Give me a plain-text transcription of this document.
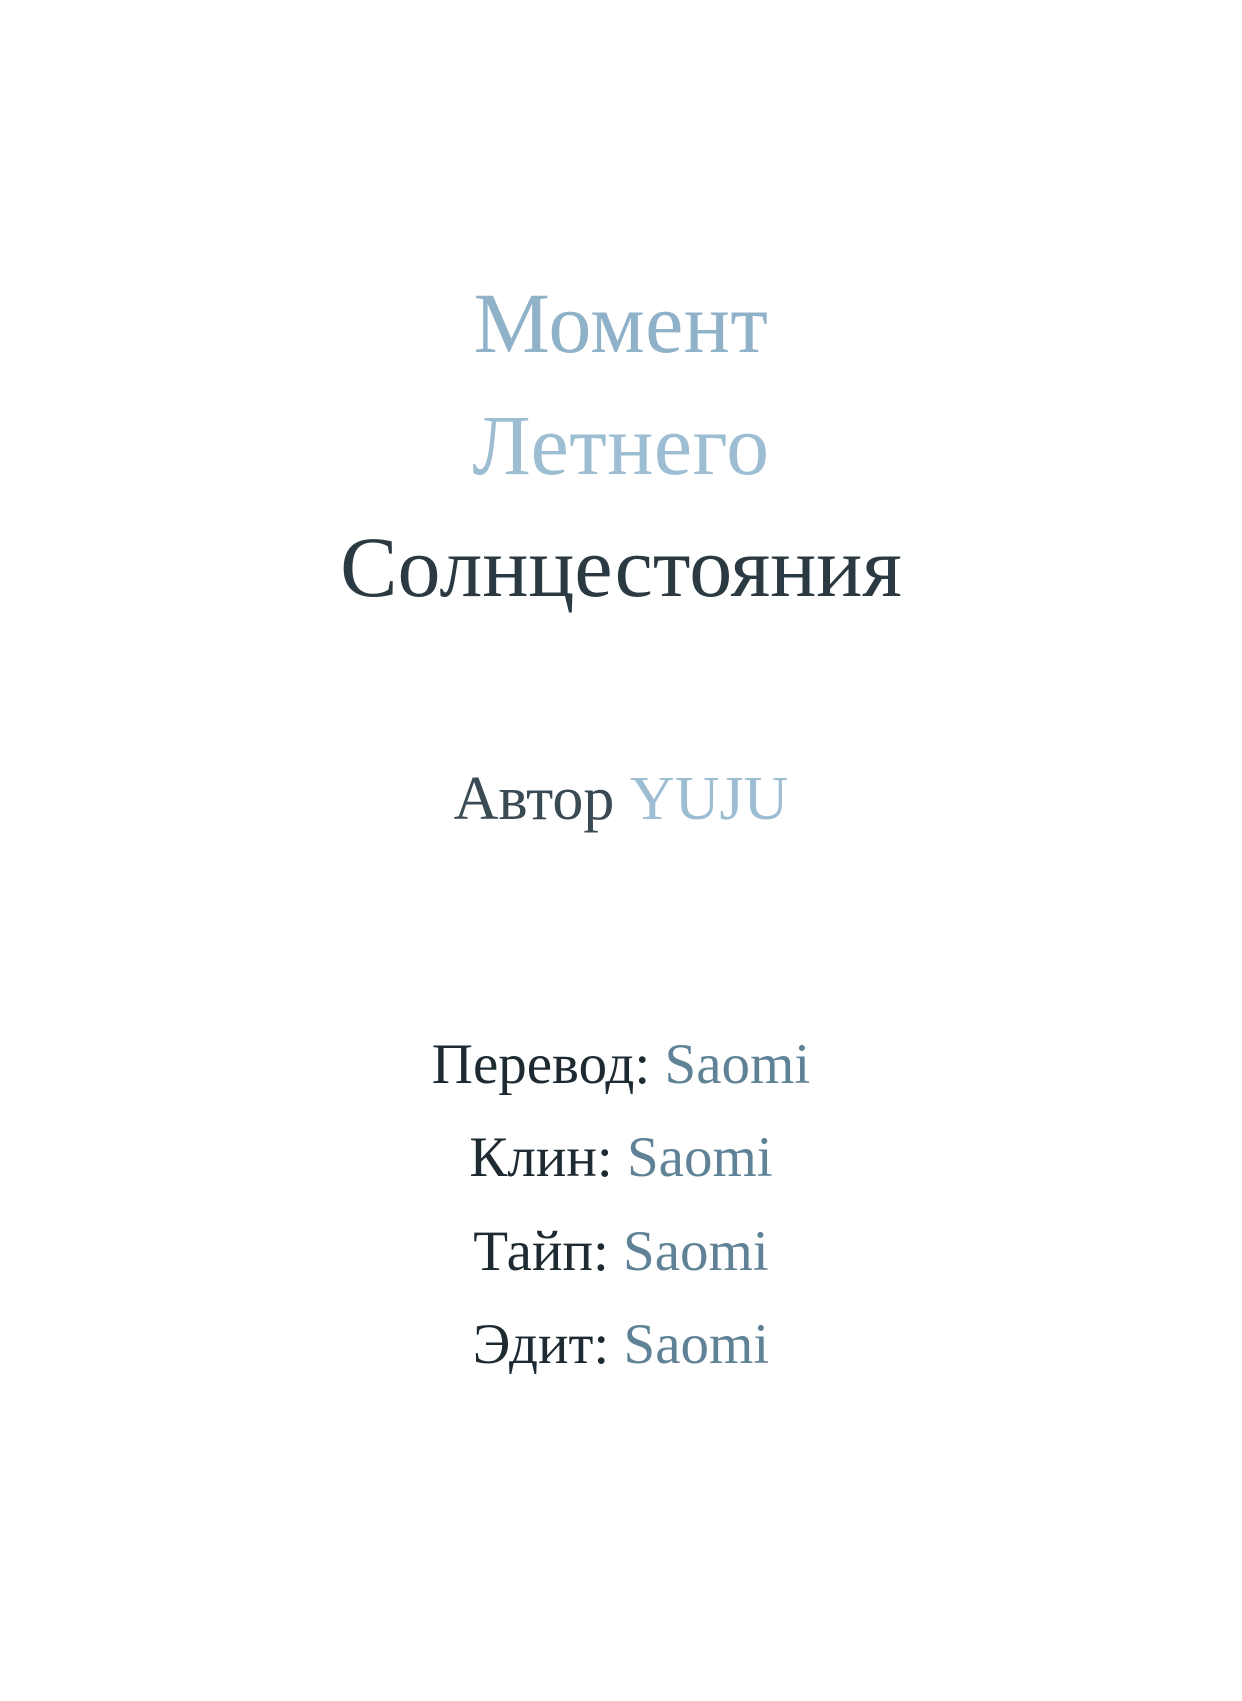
Момент
Летнего
Солнцестояния
Автор YUJU
Перевод: Saomi
Клин: Saomi
Тайп: Saomi
Эдит: Saomi
